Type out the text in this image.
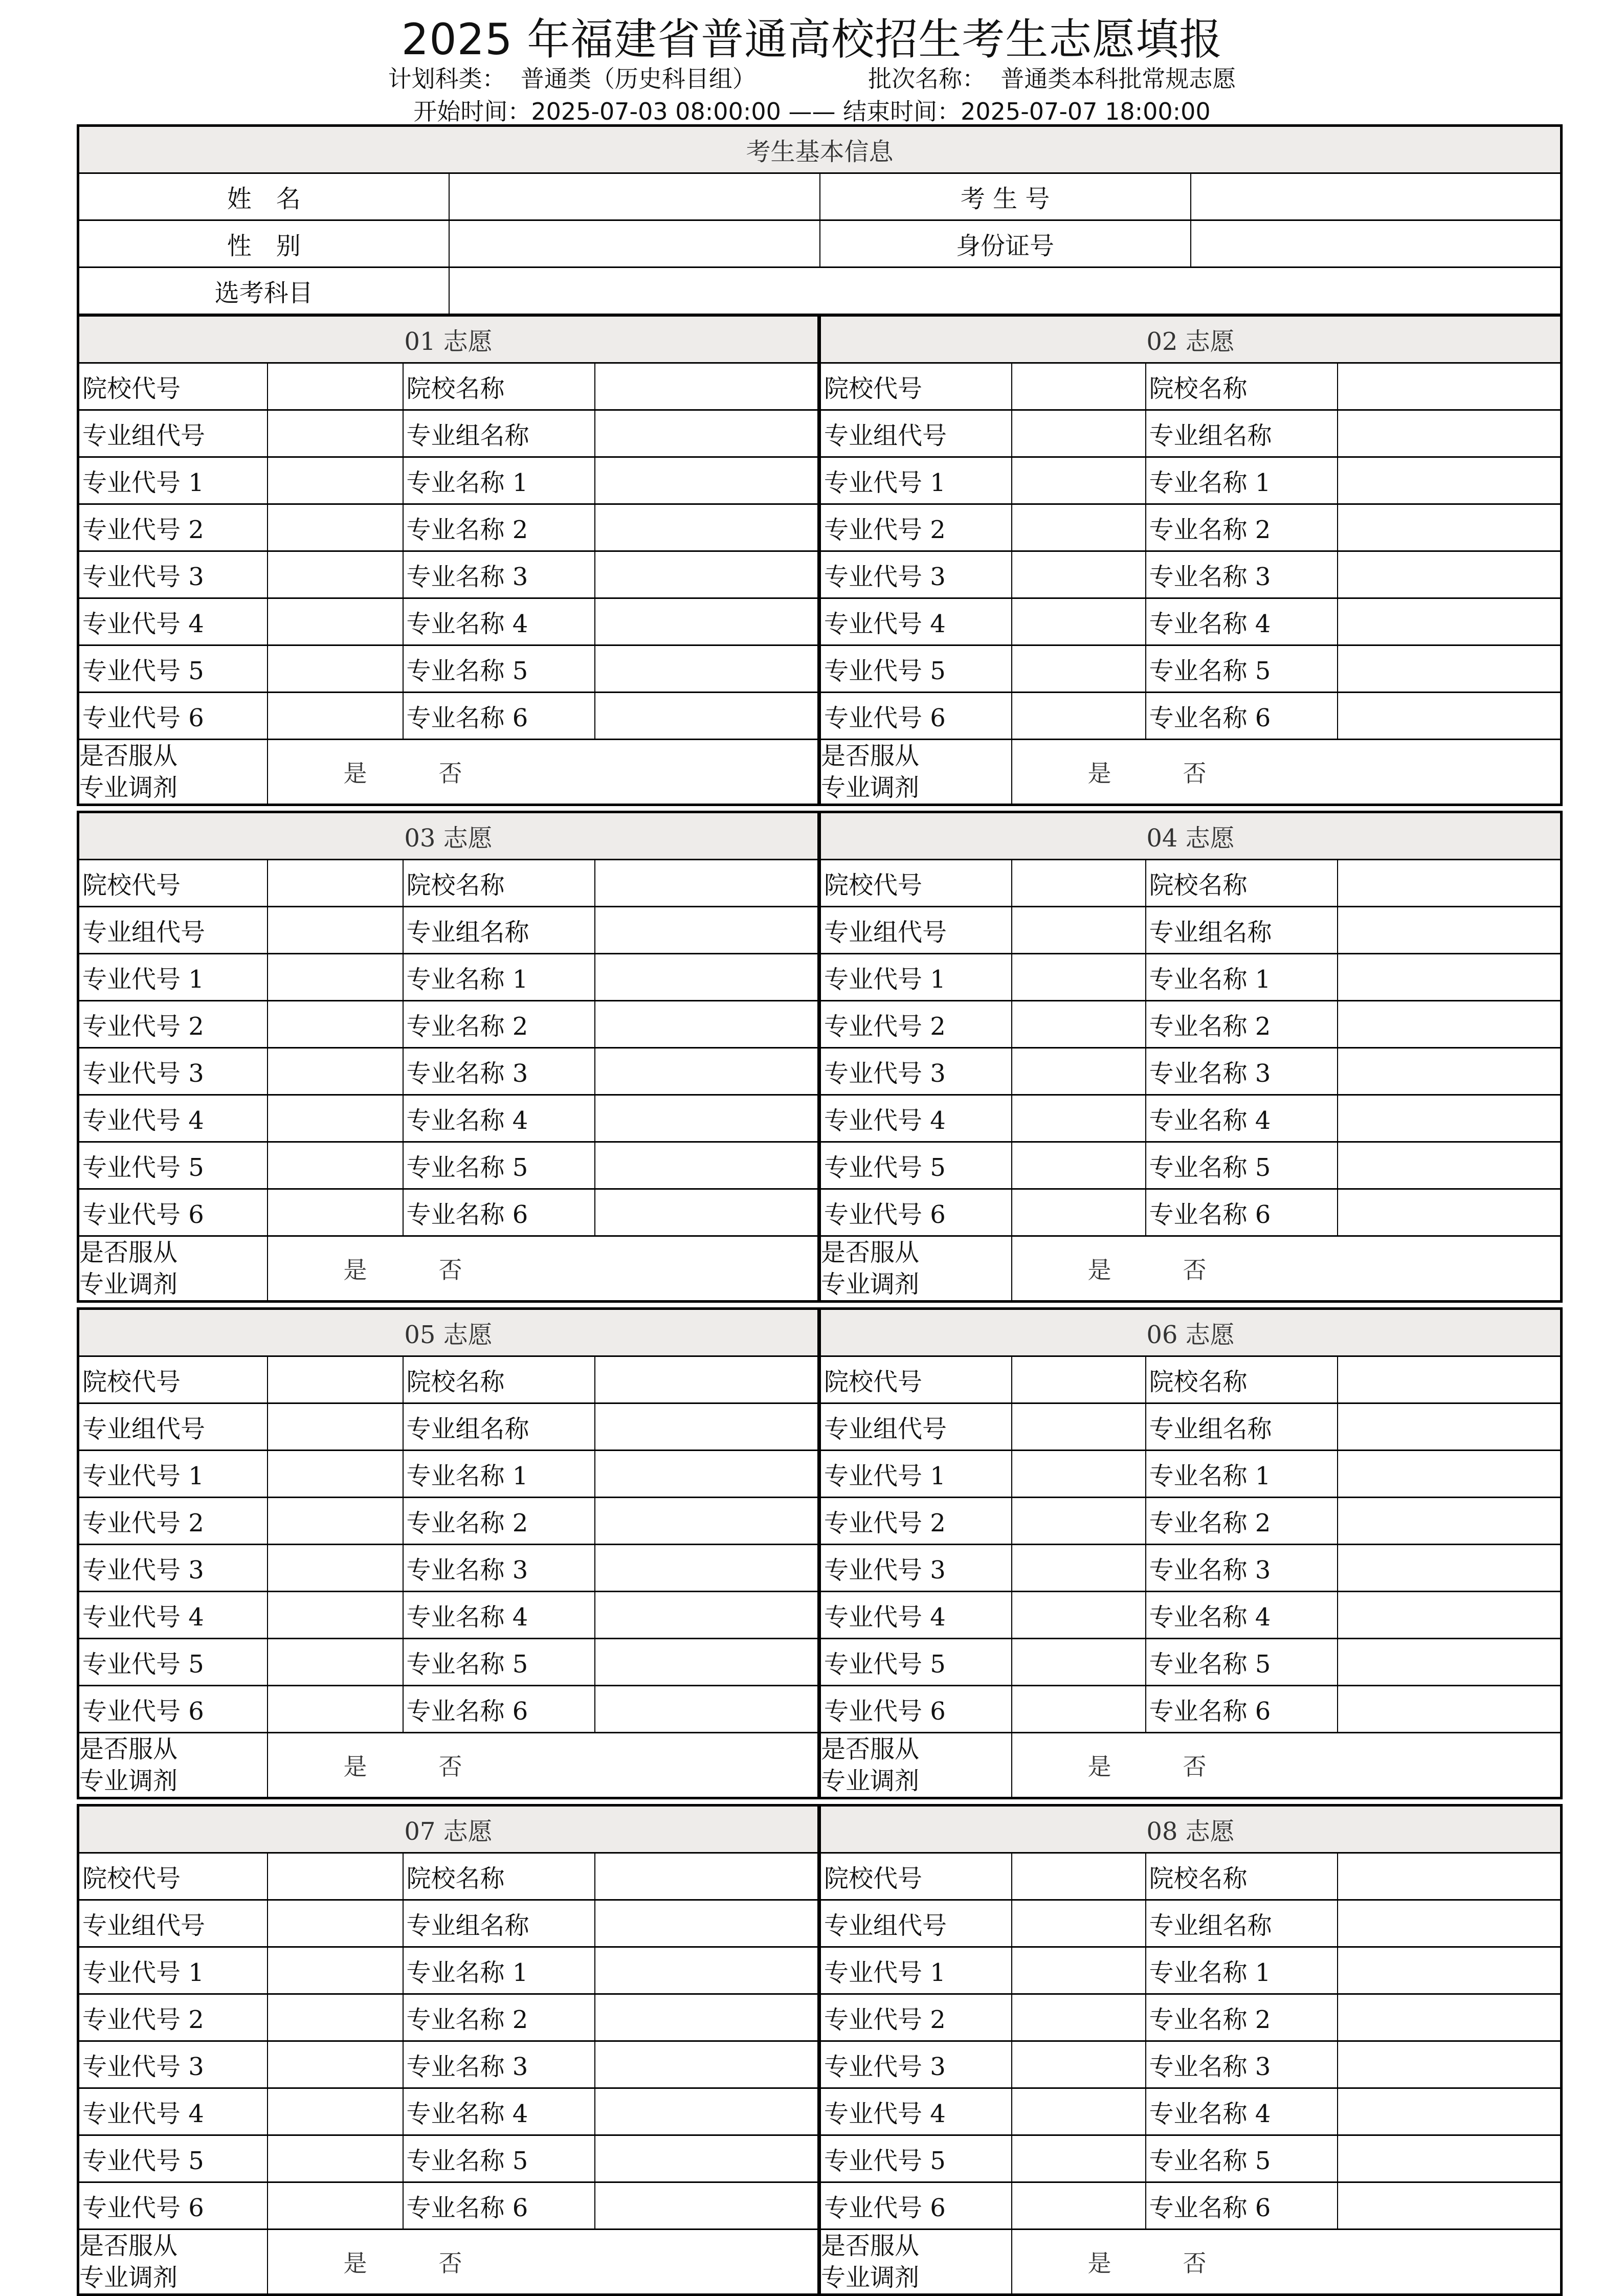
2025 年福建省普通高校招生考生志愿填报
计划科类： 普通类（历史科目组）	批次名称： 普通类本科批常规志愿
开始时间：2025-07-03 08:00:00 —— 结束时间：2025-07-07 18:00:00
考生基本信息			
姓　名		考 生 号	
性　别		身份证号	
选考科目			
01 志愿			
院校代号		院校名称	
专业组代号		专业组名称	
专业代号 1		专业名称 1	
专业代号 2		专业名称 2	
专业代号 3		专业名称 3	
专业代号 4		专业名称 4	
专业代号 5		专业名称 5	
专业代号 6		专业名称 6	

是否服从
专业调剂	是 否		
02 志愿			
院校代号		院校名称	
专业组代号		专业组名称	
专业代号 1		专业名称 1	
专业代号 2		专业名称 2	
专业代号 3		专业名称 3	
专业代号 4		专业名称 4	
专业代号 5		专业名称 5	
专业代号 6		专业名称 6	

是否服从
专业调剂	是 否		
03 志愿			
院校代号		院校名称	
专业组代号		专业组名称	
专业代号 1		专业名称 1	
专业代号 2		专业名称 2	
专业代号 3		专业名称 3	
专业代号 4		专业名称 4	
专业代号 5		专业名称 5	
专业代号 6		专业名称 6	

是否服从
专业调剂	是 否		
04 志愿			
院校代号		院校名称	
专业组代号		专业组名称	
专业代号 1		专业名称 1	
专业代号 2		专业名称 2	
专业代号 3		专业名称 3	
专业代号 4		专业名称 4	
专业代号 5		专业名称 5	
专业代号 6		专业名称 6	

是否服从
专业调剂	是 否		
05 志愿			
院校代号		院校名称	
专业组代号		专业组名称	
专业代号 1		专业名称 1	
专业代号 2		专业名称 2	
专业代号 3		专业名称 3	
专业代号 4		专业名称 4	
专业代号 5		专业名称 5	
专业代号 6		专业名称 6	

是否服从
专业调剂	是 否		
06 志愿			
院校代号		院校名称	
专业组代号		专业组名称	
专业代号 1		专业名称 1	
专业代号 2		专业名称 2	
专业代号 3		专业名称 3	
专业代号 4		专业名称 4	
专业代号 5		专业名称 5	
专业代号 6		专业名称 6	

是否服从
专业调剂	是 否		
07 志愿			
院校代号		院校名称	
专业组代号		专业组名称	
专业代号 1		专业名称 1	
专业代号 2		专业名称 2	
专业代号 3		专业名称 3	
专业代号 4		专业名称 4	
专业代号 5		专业名称 5	
专业代号 6		专业名称 6	

是否服从
专业调剂	是 否		
08 志愿			
院校代号		院校名称	
专业组代号		专业组名称	
专业代号 1		专业名称 1	
专业代号 2		专业名称 2	
专业代号 3		专业名称 3	
专业代号 4		专业名称 4	
专业代号 5		专业名称 5	
专业代号 6		专业名称 6	

是否服从
专业调剂	是 否		
